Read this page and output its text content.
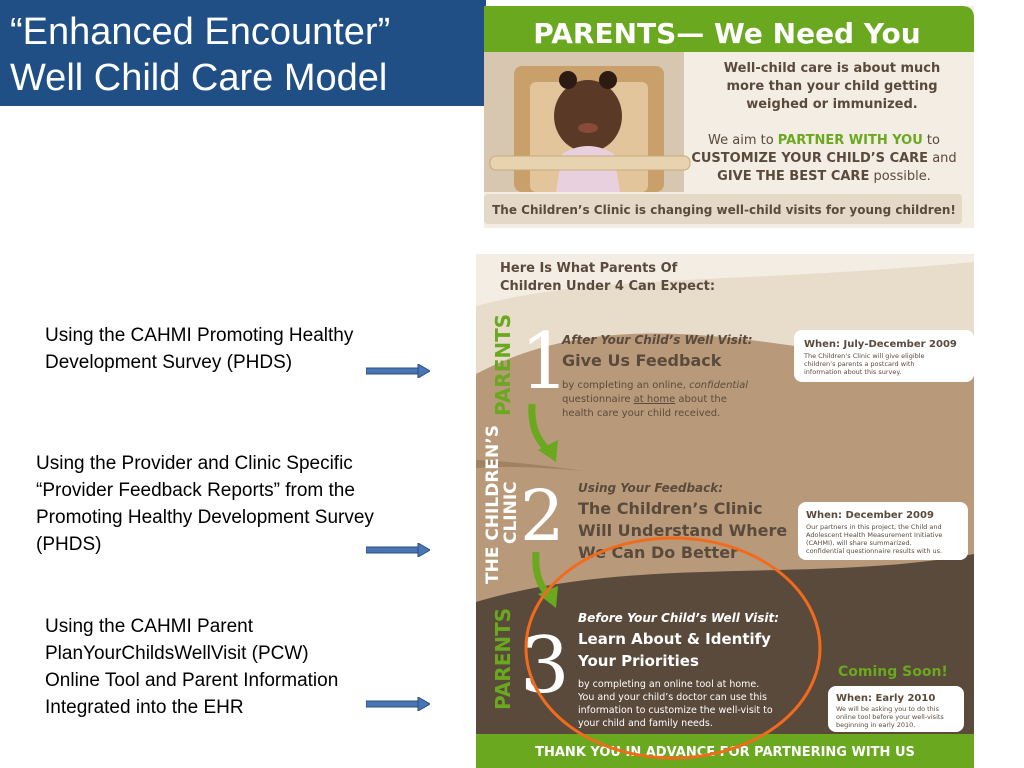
“Enhanced Encounter”
Well Child Care Model
Using the CAHMI Promoting Healthy
Development Survey (PHDS)
Using the Provider and Clinic Specific
“Provider Feedback Reports” from the
Promoting Healthy Development Survey
(PHDS)
Using the CAHMI Parent
PlanYourChildsWellVisit (PCW)
Online Tool and Parent Information
Integrated into the EHR
PARENTS— We Need You
Well-child care is about much
more than your child getting
weighed or immunized.
We aim to PARTNER WITH YOU to
CUSTOMIZE YOUR CHILD’S CARE and
GIVE THE BEST CARE possible.
The Children’s Clinic is changing well-child visits for young children!
Here Is What Parents Of
Children Under 4 Can Expect:
PARENTS
THE CHILDREN’S
CLINIC
PARENTS
1
2
3
After Your Child’s Well Visit:
Give Us Feedback
by completing an online, confidential
questionnaire at home about the
health care your child received.
When: July-December 2009
The Children’s Clinic will give eligible
children’s parents a postcard with
information about this survey.
Using Your Feedback:
The Children’s Clinic
Will Understand Where
We Can Do Better
When: December 2009
Our partners in this project, the Child and
Adolescent Health Measurement Initiative
(CAHMI), will share summarized,
confidential questionnaire results with us.
Before Your Child’s Well Visit:
Learn About & Identify
Your Priorities
by completing an online tool at home.
You and your child’s doctor can use this
information to customize the well-visit to
your child and family needs.
Coming Soon!
When: Early 2010
We will be asking you to do this
online tool before your well-visits
beginning in early 2010.
THANK YOU IN ADVANCE FOR PARTNERING WITH US
